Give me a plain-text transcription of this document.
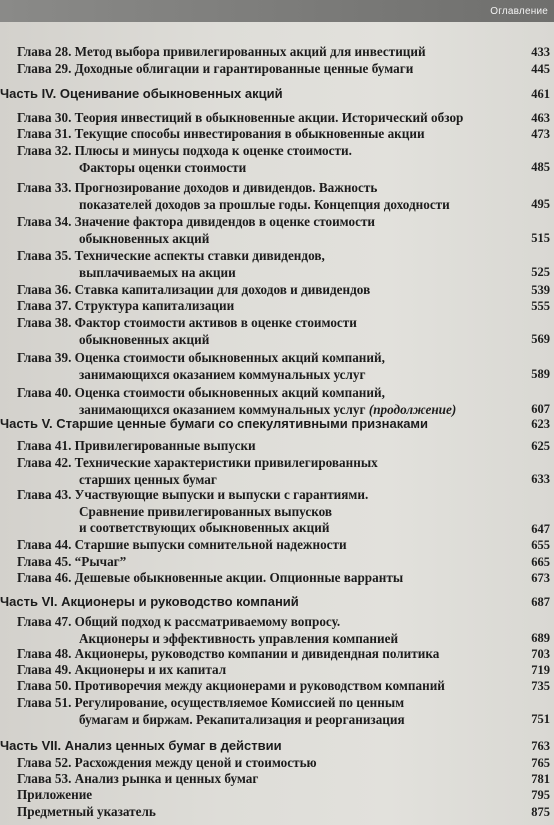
Оглавление
Глава 28. Метод выбора привилегированных акций для инвестиций	433
Глава 29. Доходные облигации и гарантированные ценные бумаги	445
Часть IV. Оценивание обыкновенных акций	461
Глава 30. Теория инвестиций в обыкновенные акции. Исторический обзор	463
Глава 31. Текущие способы инвестирования в обыкновенные акции	473
Глава 32. Плюсы и минусы подхода к оценке стоимости.
Факторы оценки стоимости	485
Глава 33. Прогнозирование доходов и дивидендов. Важность
показателей доходов за прошлые годы. Концепция доходности	495
Глава 34. Значение фактора дивидендов в оценке стоимости
обыкновенных акций	515
Глава 35. Технические аспекты ставки дивидендов,
выплачиваемых на акции	525
Глава 36. Ставка капитализации для доходов и дивидендов	539
Глава 37. Структура капитализации	555
Глава 38. Фактор стоимости активов в оценке стоимости
обыкновенных акций	569
Глава 39. Оценка стоимости обыкновенных акций компаний,
занимающихся оказанием коммунальных услуг	589
Глава 40. Оценка стоимости обыкновенных акций компаний,
занимающихся оказанием коммунальных услуг (продолжение)	607
Часть V. Старшие ценные бумаги со спекулятивными признаками	623
Глава 41. Привилегированные выпуски	625
Глава 42. Технические характеристики привилегированных
старших ценных бумаг	633
Глава 43. Участвующие выпуски и выпуски с гарантиями.
Сравнение привилегированных выпусков
и соответствующих обыкновенных акций	647
Глава 44. Старшие выпуски сомнительной надежности	655
Глава 45. “Рычаг”	665
Глава 46. Дешевые обыкновенные акции. Опционные варранты	673
Часть VI. Акционеры и руководство компаний	687
Глава 47. Общий подход к рассматриваемому вопросу.
Акционеры и эффективность управления компанией	689
Глава 48. Акционеры, руководство компании и дивидендная политика	703
Глава 49. Акционеры и их капитал	719
Глава 50. Противоречия между акционерами и руководством компаний	735
Глава 51. Регулирование, осуществляемое Комиссией по ценным
бумагам и биржам. Рекапитализация и реорганизация	751
Часть VII. Анализ ценных бумаг в действии	763
Глава 52. Расхождения между ценой и стоимостью	765
Глава 53. Анализ рынка и ценных бумаг	781
Приложение	795
Предметный указатель	875
